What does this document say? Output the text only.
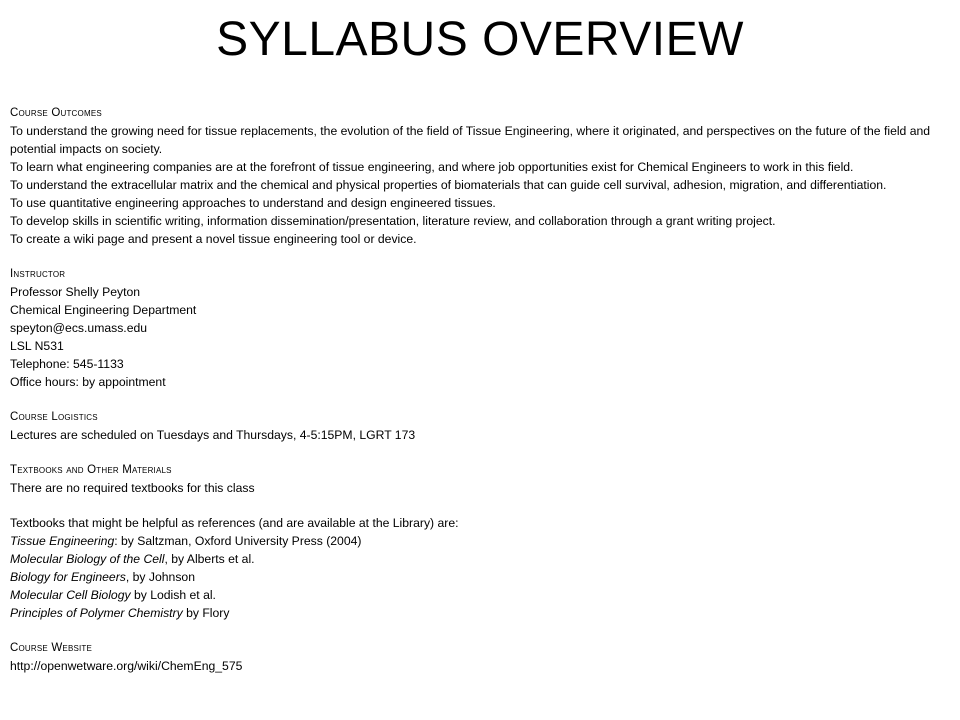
SYLLABUS OVERVIEW
Course Outcomes
To understand the growing need for tissue replacements, the evolution of the field of Tissue Engineering, where it originated, and perspectives on the future of the field and potential impacts on society.
To learn what engineering companies are at the forefront of tissue engineering, and where job opportunities exist for Chemical Engineers to work in this field.
To understand the extracellular matrix and the chemical and physical properties of biomaterials that can guide cell survival, adhesion, migration, and differentiation.
To use quantitative engineering approaches to understand and design engineered tissues.
To develop skills in scientific writing, information dissemination/presentation, literature review, and collaboration through a grant writing project.
To create a wiki page and present a novel tissue engineering tool or device.
Instructor
Professor Shelly Peyton
Chemical Engineering Department
speyton@ecs.umass.edu
LSL N531
Telephone: 545-1133
Office hours: by appointment
Course Logistics
Lectures are scheduled on Tuesdays and Thursdays, 4-5:15PM, LGRT 173
Textbooks and Other Materials
There are no required textbooks for this class
Textbooks that might be helpful as references (and are available at the Library) are:
Tissue Engineering: by Saltzman, Oxford University Press (2004)
Molecular Biology of the Cell, by Alberts et al.
Biology for Engineers, by Johnson
Molecular Cell Biology by Lodish et al.
Principles of Polymer Chemistry by Flory
Course Website
http://openwetware.org/wiki/ChemEng_575
